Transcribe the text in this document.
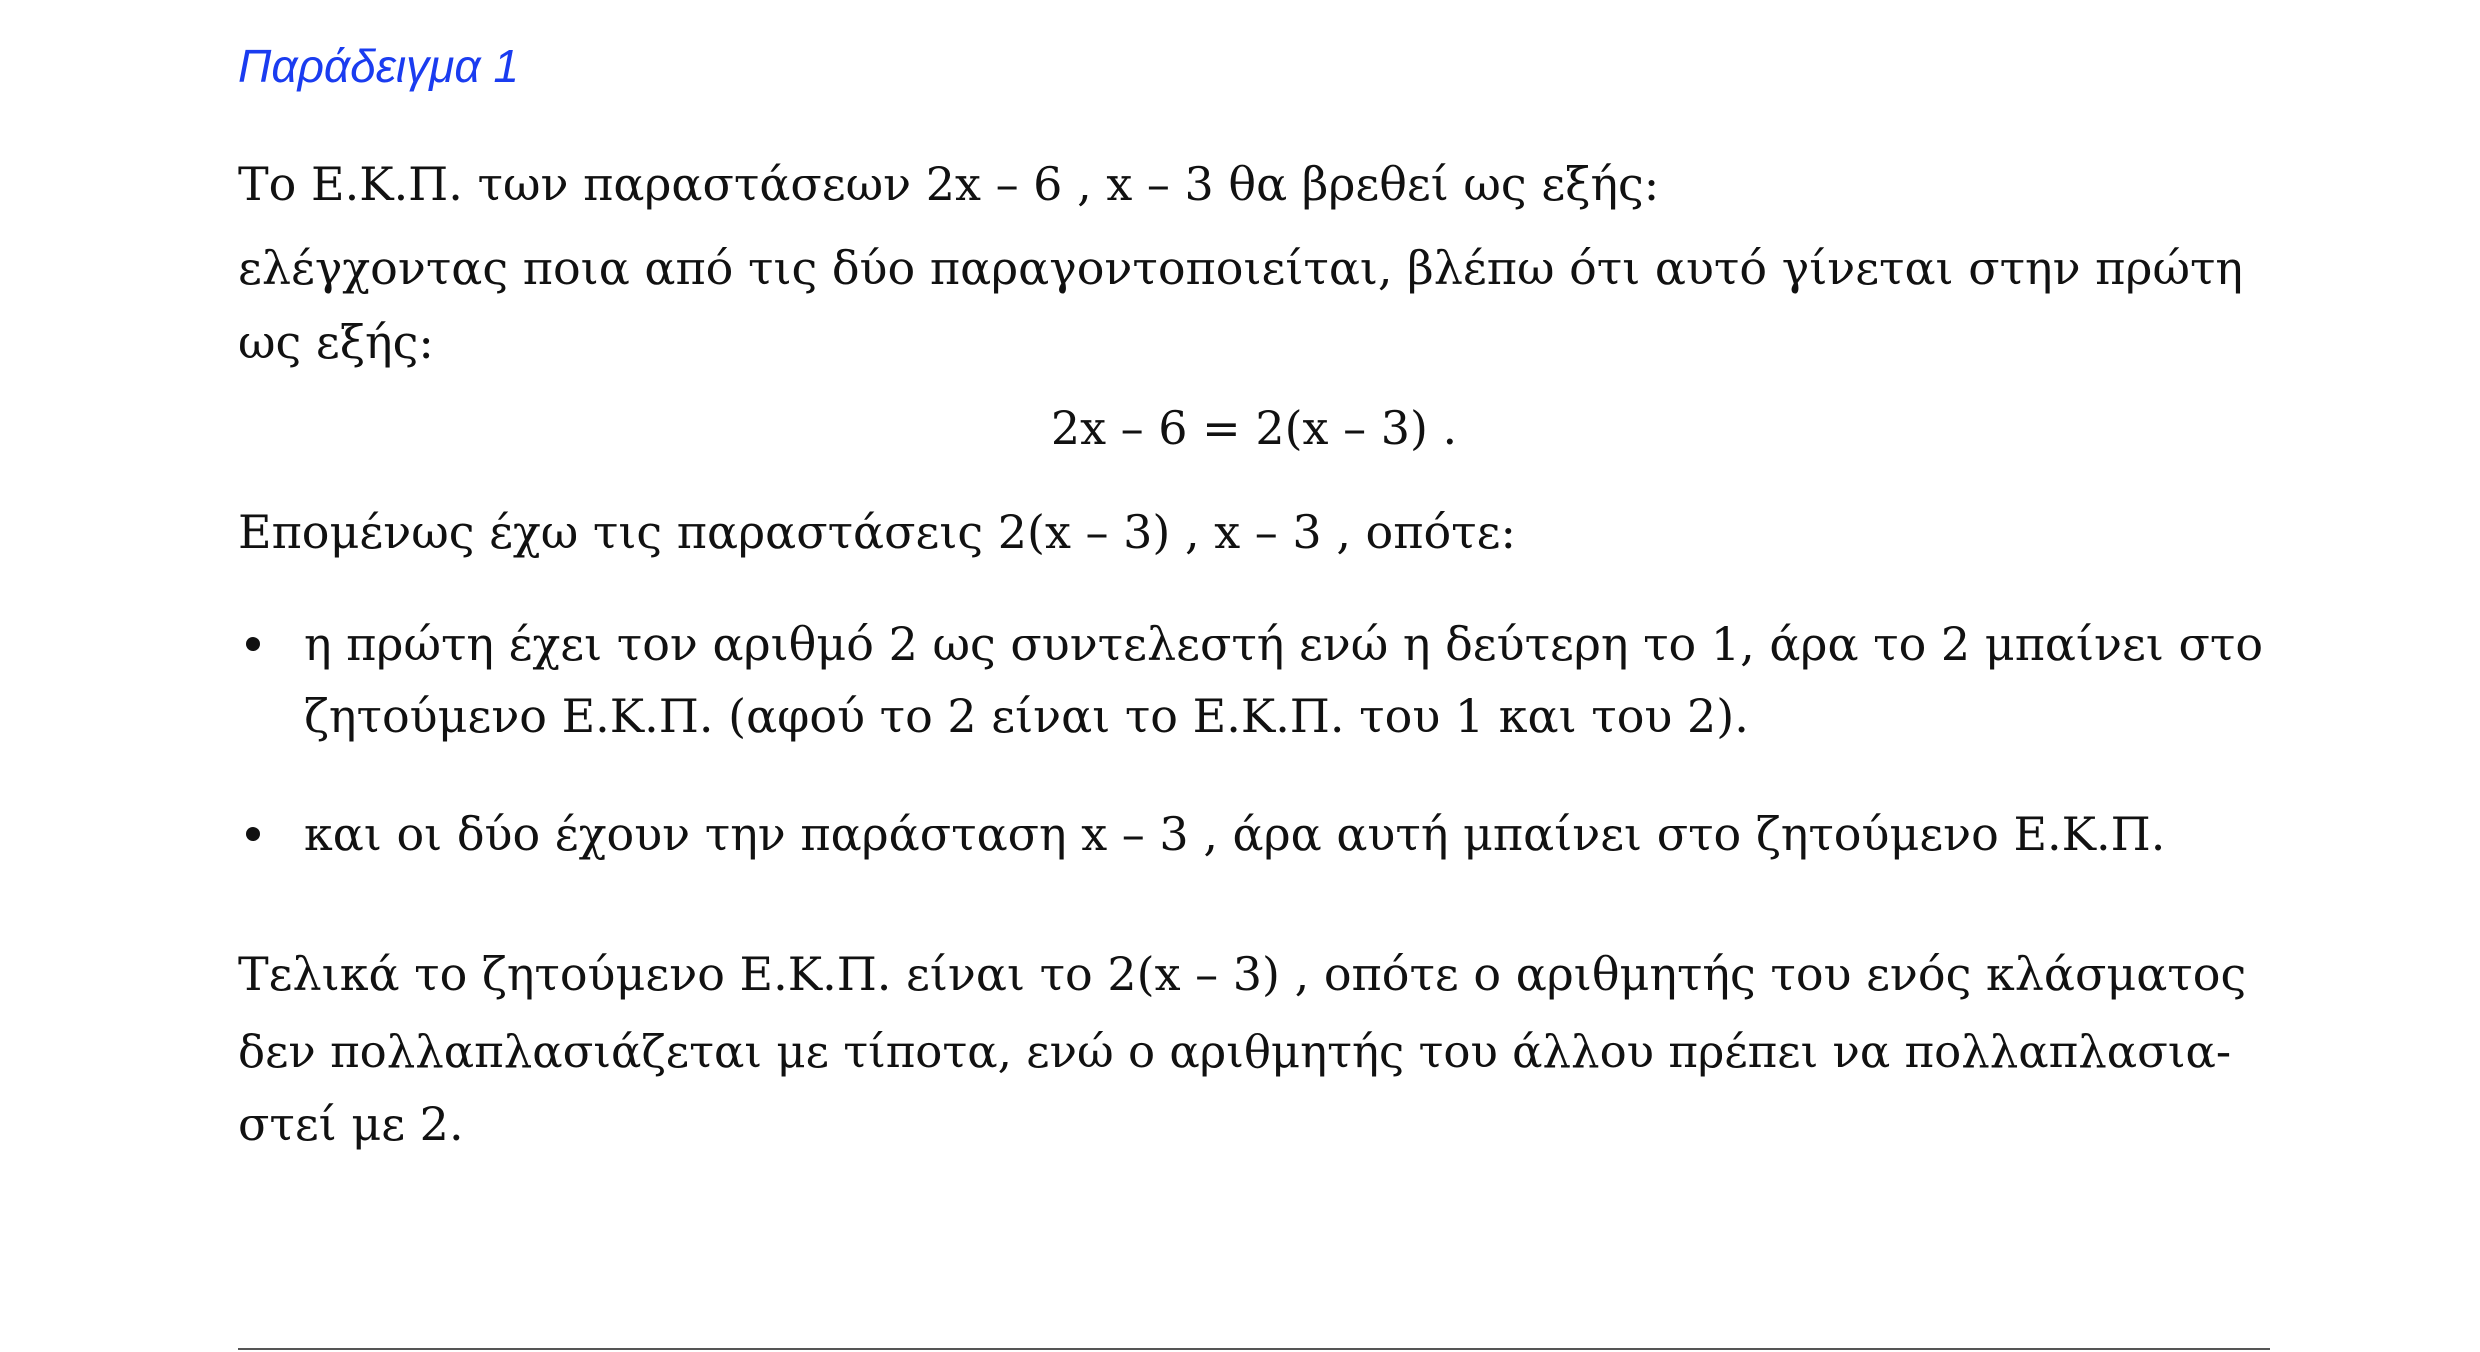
Παράδειγμα 1
Το Ε.Κ.Π. των παραστάσεων 2x – 6 , x – 3 θα βρεθεί ως εξής:
ελέγχοντας ποια από τις δύο παραγοντοποιείται, βλέπω ότι αυτό γίνεται στην πρώτη
ως εξής:
2x – 6 = 2(x – 3) .
Επομένως έχω τις παραστάσεις 2(x – 3) , x – 3 , οπότε:
η πρώτη έχει τον αριθμό 2 ως συντελεστή ενώ η δεύτερη το 1, άρα το 2 μπαίνει στο
ζητούμενο Ε.Κ.Π. (αφού το 2 είναι το Ε.Κ.Π. του 1 και του 2).
και οι δύο έχουν την παράσταση x – 3 , άρα αυτή μπαίνει στο ζητούμενο Ε.Κ.Π.
Τελικά το ζητούμενο Ε.Κ.Π. είναι το 2(x – 3) , οπότε ο αριθμητής του ενός κλάσματος
δεν πολλαπλασιάζεται με τίποτα, ενώ ο αριθμητής του άλλου πρέπει να πολλαπλασια-
στεί με 2.
